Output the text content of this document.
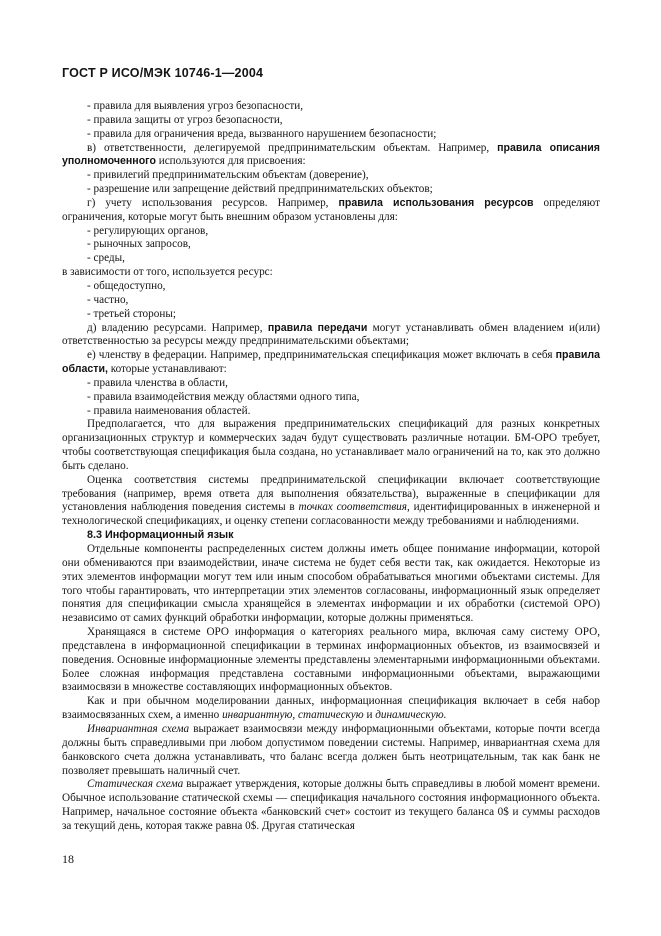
ГОСТ Р ИСО/МЭК 10746-1—2004

- правила для выявления угроз безопасности,

- правила защиты от угроз безопасности,

- правила для ограничения вреда, вызванного нарушением безопасности;

в) ответственности, делегируемой предпринимательским объектам. Например, правила описания уполномоченного используются для присвоения:

- привилегий предпринимательским объектам (доверение),

- разрешение или запрещение действий предпринимательских объектов;

г) учету использования ресурсов. Например, правила использования ресурсов определяют ограничения, которые могут быть внешним образом установлены для:

- регулирующих органов,

- рыночных запросов,

- среды,

в зависимости от того, используется ресурс:

- общедоступно,

- частно,

- третьей стороны;

д) владению ресурсами. Например, правила передачи могут устанавливать обмен владением и(или) ответственностью за ресурсы между предпринимательскими объектами;

е) членству в федерации. Например, предпринимательская спецификация может включать в себя правила области, которые устанавливают:

- правила членства в области,

- правила взаимодействия между областями одного типа,

- правила наименования областей.

Предполагается, что для выражения предпринимательских спецификаций для разных конкретных организационных структур и коммерческих задач будут существовать различные нотации. БМ-ОРО требует, чтобы соответствующая спецификация была создана, но устанавливает мало ограничений на то, как это должно быть сделано.

Оценка соответствия системы предпринимательской спецификации включает соответствующие требования (например, время ответа для выполнения обязательства), выраженные в спецификации для установления наблюдения поведения системы в точках соответствия, идентифицированных в инженерной и технологической спецификациях, и оценку степени согласованности между требованиями и наблюдениями.

8.3 Информационный язык

Отдельные компоненты распределенных систем должны иметь общее понимание информации, которой они обмениваются при взаимодействии, иначе система не будет себя вести так, как ожидается. Некоторые из этих элементов информации могут тем или иным способом обрабатываться многими объектами системы. Для того чтобы гарантировать, что интерпретации этих элементов согласованы, информационный язык определяет понятия для спецификации смысла хранящейся в элементах информации и их обработки (системой ОРО) независимо от самих функций обработки информации, которые должны применяться.

Хранящаяся в системе ОРО информация о категориях реального мира, включая саму систему ОРО, представлена в информационной спецификации в терминах информационных объектов, из взаимосвязей и поведения. Основные информационные элементы представлены элементарными информационными объектами. Более сложная информация представлена составными информационными объектами, выражающими взаимосвязи в множестве составляющих информационных объектов.

Как и при обычном моделировании данных, информационная спецификация включает в себя набор взаимосвязанных схем, а именно инвариантную, статическую и динамическую.

Инвариантная схема выражает взаимосвязи между информационными объектами, которые почти всегда должны быть справедливыми при любом допустимом поведении системы. Например, инвариантная схема для банковского счета должна устанавливать, что баланс всегда должен быть неотрицательным, так как банк не позволяет превышать наличный счет.

Статическая схема выражает утверждения, которые должны быть справедливы в любой момент времени. Обычное использование статической схемы — спецификация начального состояния информационного объекта. Например, начальное состояние объекта «банковский счет» состоит из текущего баланса 0$ и суммы расходов за текущий день, которая также равна 0$. Другая статическая

18
